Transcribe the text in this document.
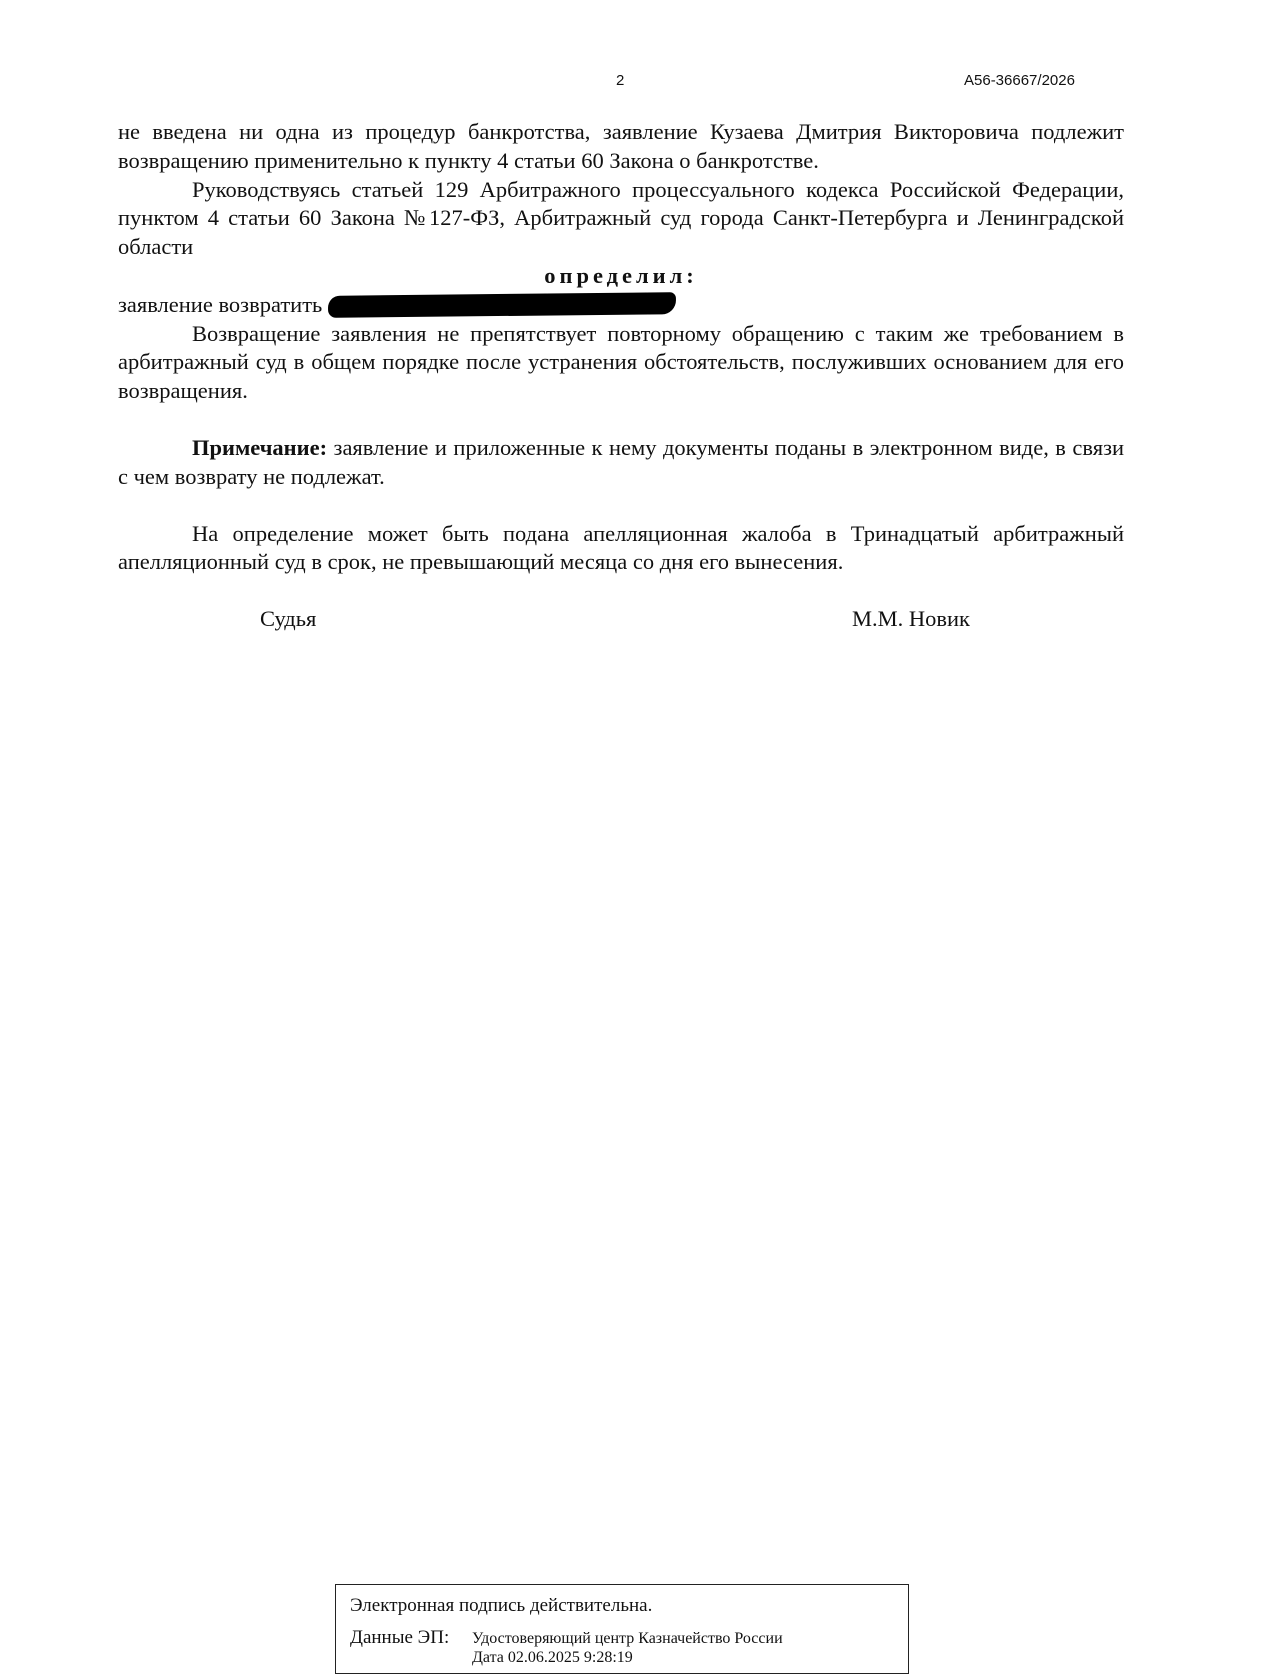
2	А56-36667/2026

не введена ни одна из процедур банкротства, заявление Кузаева Дмитрия Викторовича подлежит возвращению применительно к пункту 4 статьи 60 Закона о банкротстве.

Руководствуясь статьей 129 Арбитражного процессуального кодекса Российской Федерации, пунктом 4 статьи 60 Закона №127-ФЗ, Арбитражный суд города Санкт-Петербурга и Ленинградской области

определил:

заявление возвратить

Возвращение заявления не препятствует повторному обращению с таким же требованием в арбитражный суд в общем порядке после устранения обстоятельств, послуживших основанием для его возвращения.

Примечание: заявление и приложенные к нему документы поданы в электронном виде, в связи с чем возврату не подлежат.

На определение может быть подана апелляционная жалоба в Тринадцатый арбитражный апелляционный суд в срок, не превышающий месяца со дня его вынесения.

Судья	М.М. Новик
Электронная подпись действительна.
Данные ЭП: Удостоверяющий центр Казначейство России
Дата 02.06.2025 9:28:19
